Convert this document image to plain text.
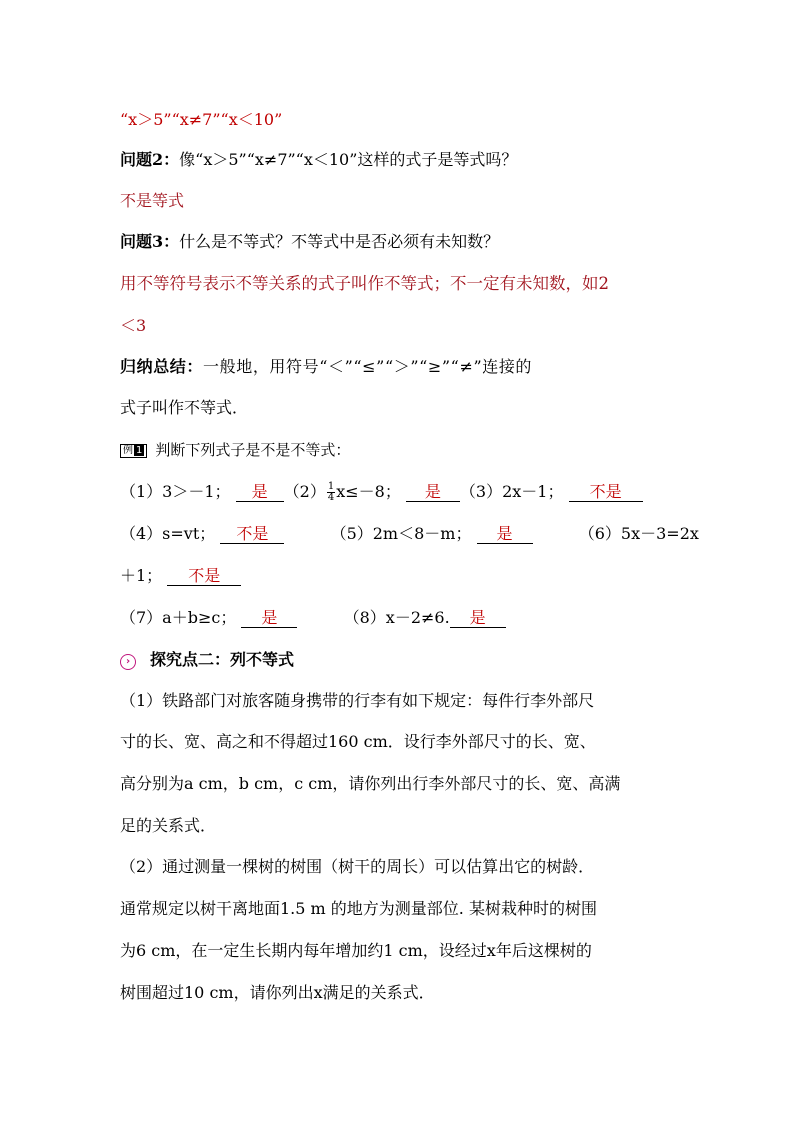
“x＞5”“x≠7”“x＜10”
问题2：像“x＞5”“x≠7”“x＜10”这样的式子是等式吗？
不是等式
问题3：什么是不等式？不等式中是否必须有未知数？
用不等符号表示不等关系的式子叫作不等式；不一定有未知数，如2
＜3
归纳总结：一般地，用符号“＜”“≤”“＞”“≥”“≠”连接的
式子叫作不等式．
例 1 判断下列式子是不是不等式：
（1）3＞－1； 是 $(2) \frac{1}{4} x\le-8$； 是 （3）2x－1； 不是
（4）s=vt； 不是	（5）2m＜8－m； 是	（6）5x－3=2x
＋1； 不是
（7）a＋b≥c； 是	（8）x－2≠6. 是
› 探究点二：列不等式
（1）铁路部门对旅客随身携带的行李有如下规定：每件行李外部尺
寸的长、宽、高之和不得超过160 cm．设行李外部尺寸的长、宽、
高分别为a cm，b cm，c cm，请你列出行李外部尺寸的长、宽、高满
足的关系式．
（2）通过测量一棵树的树围（树干的周长）可以估算出它的树龄．
通常规定以树干离地面1.5 m 的地方为测量部位. 某树栽种时的树围
为6 cm，在一定生长期内每年增加约1 cm，设经过x年后这棵树的
树围超过10 cm，请你列出x满足的关系式．
